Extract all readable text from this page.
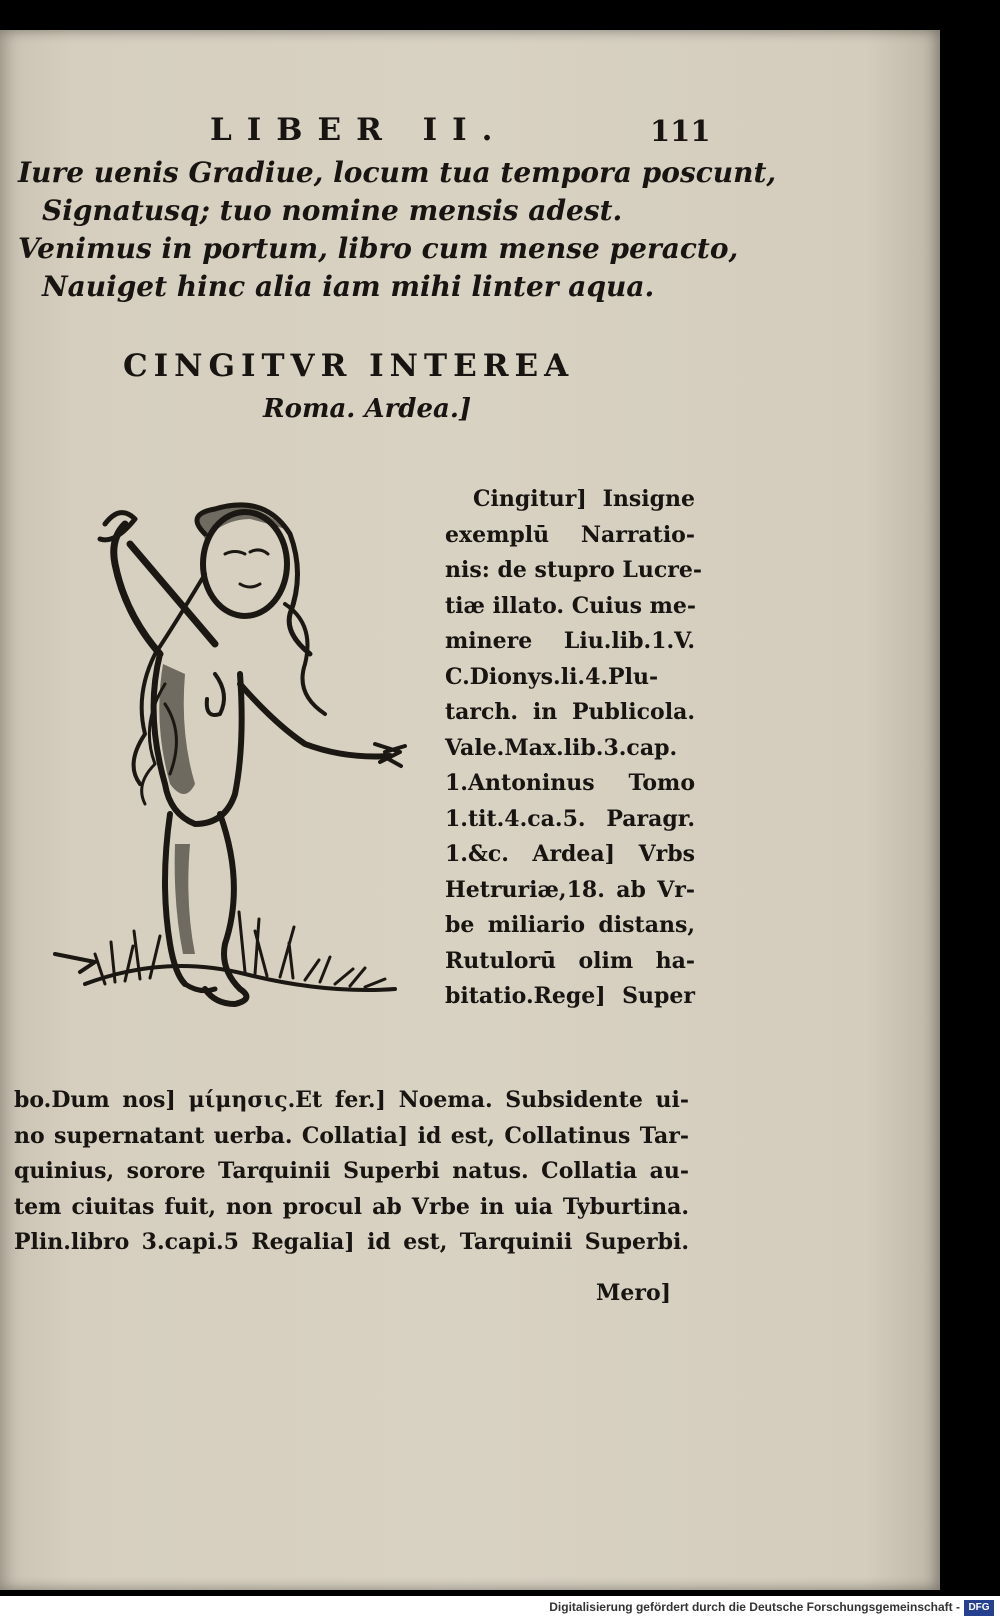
LIBER II.	111
Iure uenis Gradiue, locum tua tempora poscunt,
Signatusq; tuo nomine mensis adest.
Venimus in portum, libro cum mense peracto,
Nauiget hinc alia iam mihi linter aqua.
CINGITVR INTEREA
Roma. Ardea.]
Cingitur] Insigne
exemplū Narratio-
nis: de stupro Lucre-
tiæ illato. Cuius me-
minere Liu.lib.1.V.
C.Dionys.li.4.Plu-
tarch. in Publicola.
Vale.Max.lib.3.cap.
1.Antoninus Tomo
1.tit.4.ca.5. Paragr.
1.&c. Ardea] Vrbs
Hetruriæ,18. ab Vr-
be miliario distans,
Rutulorū olim ha-
bitatio.Rege] Super
bo.Dum nos] μίμησις.Et fer.] Noema. Subsidente ui-
no supernatant uerba. Collatia] id est, Collatinus Tar-
quinius, sorore Tarquinii Superbi natus. Collatia au-
tem ciuitas fuit, non procul ab Vrbe in uia Tyburtina.
Plin.libro 3.capi.5 Regalia] id est, Tarquinii Superbi.
Mero]
Digitalisierung gefördert durch die Deutsche Forschungsgemeinschaft - DFG
